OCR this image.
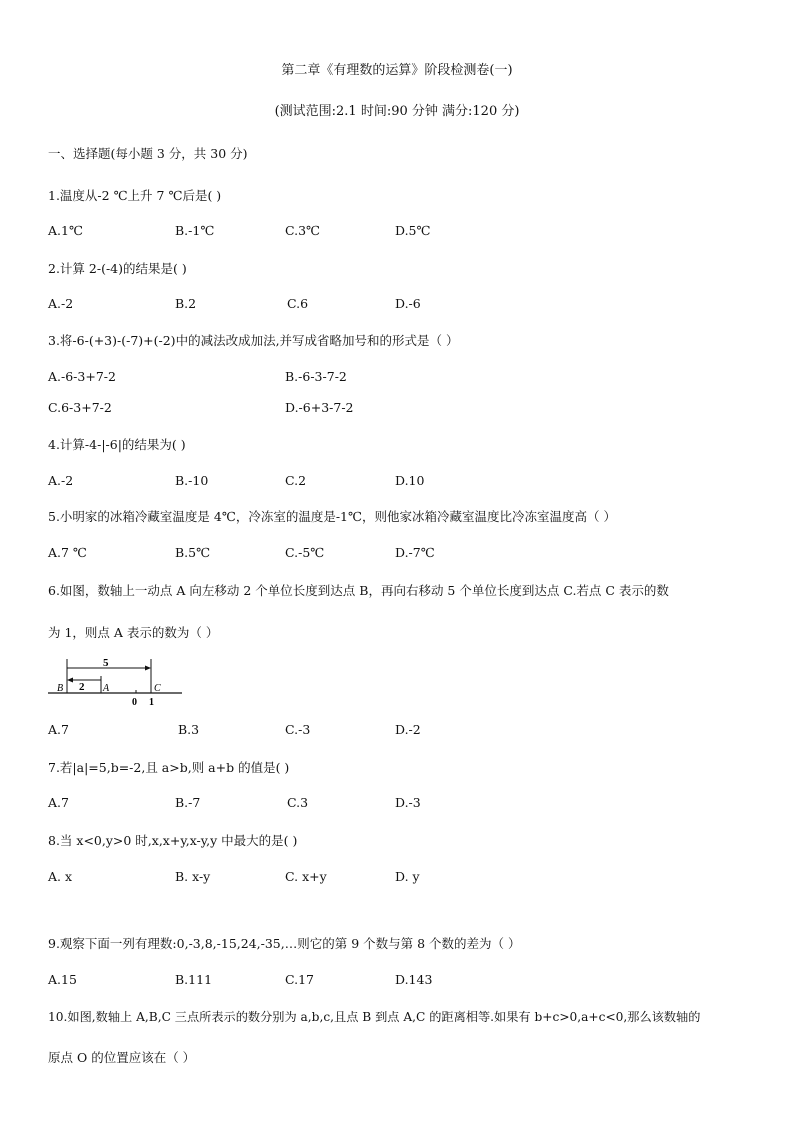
第二章《有理数的运算》阶段检测卷(一)
(测试范围:2.1 时间:90 分钟 满分:120 分)
一、选择题(每小题 3 分，共 30 分)
1.温度从-2 ℃上升 7 ℃后是( )
A.1℃	B.-1℃	C.3℃	D.5℃
2.计算 2-(-4)的结果是( )
A.-2	B.2	C.6	D.-6
3.将-6-(+3)-(-7)+(-2)中的减法改成加法,并写成省略加号和的形式是（ ）
A.-6-3+7-2	B.-6-3-7-2
C.6-3+7-2	D.-6+3-7-2
4.计算-4-|-6|的结果为( )
A.-2	B.-10	C.2	D.10
5.小明家的冰箱冷藏室温度是 4℃，冷冻室的温度是-1℃，则他家冰箱冷藏室温度比冷冻室温度高（ ）
A.7 ℃	B.5℃	C.-5℃	D.-7℃
6.如图，数轴上一动点 A 向左移动 2 个单位长度到达点 B，再向右移动 5 个单位长度到达点 C.若点 C 表示的数
为 1，则点 A 表示的数为（ ）
5
2
B	A	C
0 1
A.7	B.3	C.-3	D.-2
7.若|a|=5,b=-2,且 a>b,则 a+b 的值是( )
A.7	B.-7	C.3	D.-3
8.当 x<0,y>0 时,x,x+y,x-y,y 中最大的是( )
A. x	B. x-y	C. x+y	D. y
9.观察下面一列有理数:0,-3,8,-15,24,-35,…则它的第 9 个数与第 8 个数的差为（ ）
A.15	B.111	C.17	D.143
10.如图,数轴上 A,B,C 三点所表示的数分别为 a,b,c,且点 B 到点 A,C 的距离相等.如果有 b+c>0,a+c<0,那么该数轴的
原点 O 的位置应该在（ ）
